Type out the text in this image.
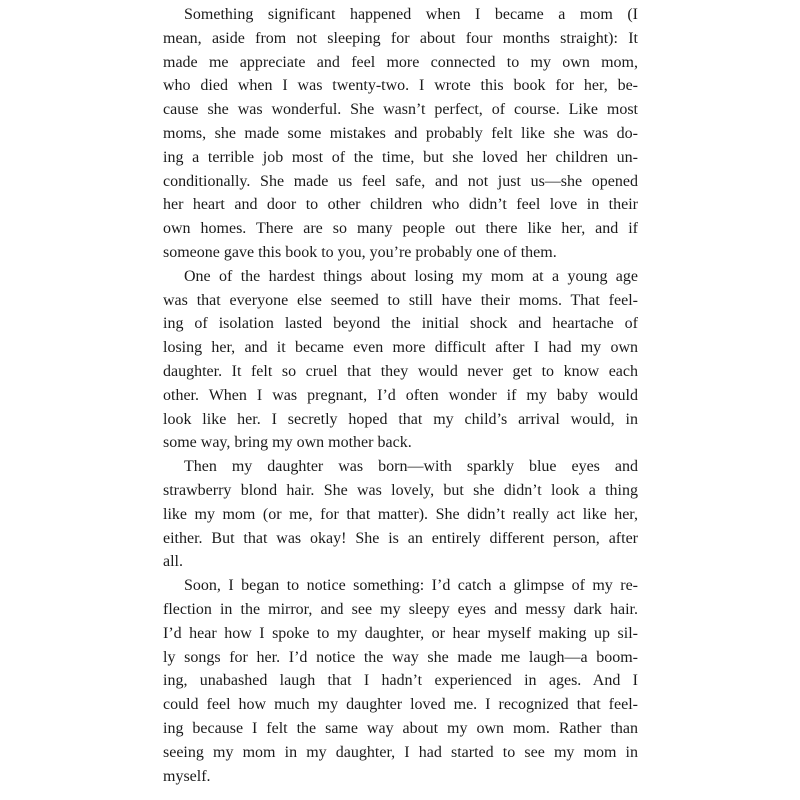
Something significant happened when I became a mom (I
mean, aside from not sleeping for about four months straight): It
made me appreciate and feel more connected to my own mom,
who died when I was twenty-two. I wrote this book for her, be-
cause she was wonderful. She wasn’t perfect, of course. Like most
moms, she made some mistakes and probably felt like she was do-
ing a terrible job most of the time, but she loved her children un-
conditionally. She made us feel safe, and not just us—she opened
her heart and door to other children who didn’t feel love in their
own homes. There are so many people out there like her, and if
someone gave this book to you, you’re probably one of them.
One of the hardest things about losing my mom at a young age
was that everyone else seemed to still have their moms. That feel-
ing of isolation lasted beyond the initial shock and heartache of
losing her, and it became even more difficult after I had my own
daughter. It felt so cruel that they would never get to know each
other. When I was pregnant, I’d often wonder if my baby would
look like her. I secretly hoped that my child’s arrival would, in
some way, bring my own mother back.
Then my daughter was born—with sparkly blue eyes and
strawberry blond hair. She was lovely, but she didn’t look a thing
like my mom (or me, for that matter). She didn’t really act like her,
either. But that was okay! She is an entirely different person, after
all.
Soon, I began to notice something: I’d catch a glimpse of my re-
flection in the mirror, and see my sleepy eyes and messy dark hair.
I’d hear how I spoke to my daughter, or hear myself making up sil-
ly songs for her. I’d notice the way she made me laugh—a boom-
ing, unabashed laugh that I hadn’t experienced in ages. And I
could feel how much my daughter loved me. I recognized that feel-
ing because I felt the same way about my own mom. Rather than
seeing my mom in my daughter, I had started to see my mom in
myself.
